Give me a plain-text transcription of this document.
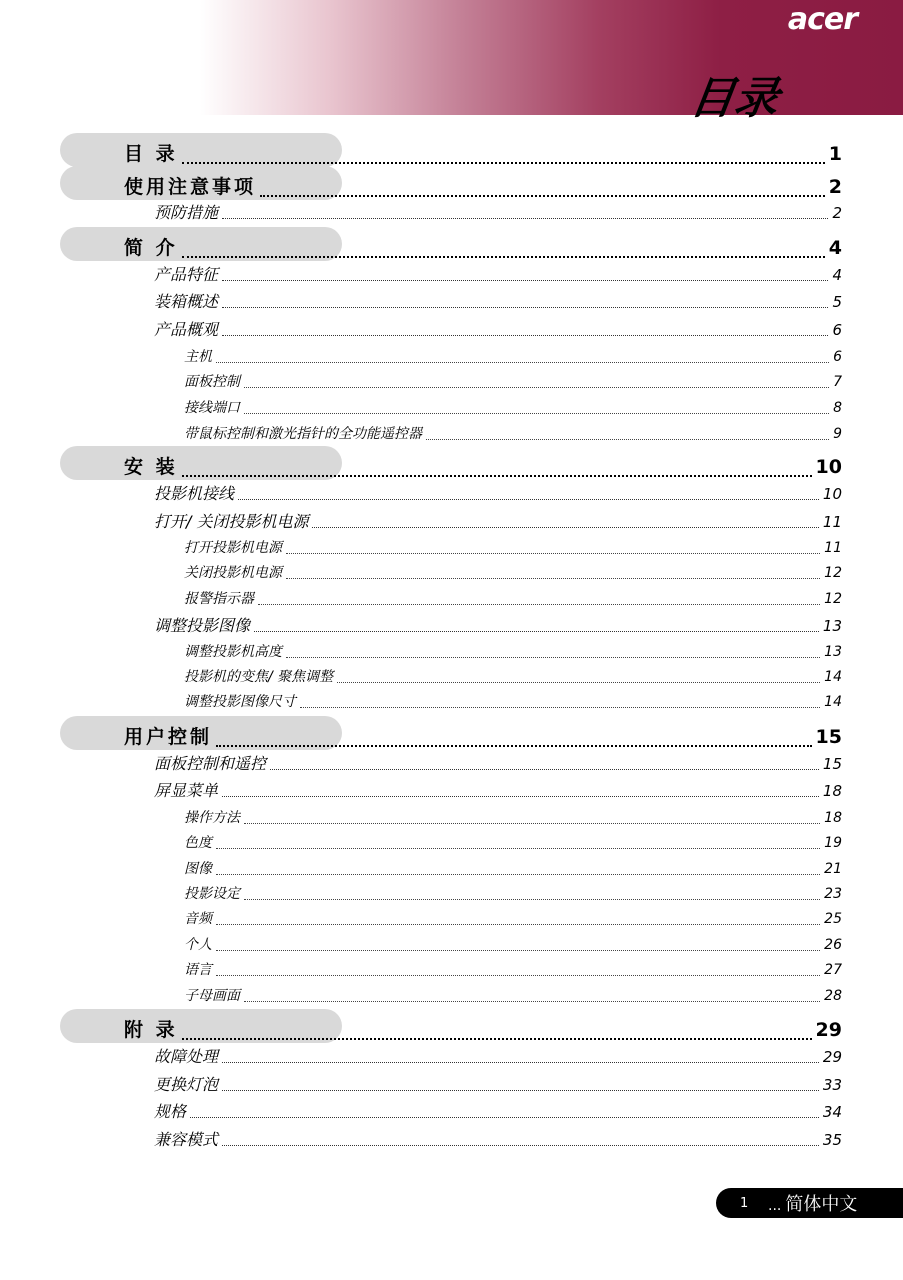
acer
目录
目 录	1
使用注意事项	2
预防措施	2
简 介	4
产品特征	4
装箱概述	5
产品概观	6
主机	6
面板控制	7
接线端口	8
带鼠标控制和激光指针的全功能遥控器	9
安 装	10
投影机接线	10
打开/ 关闭投影机电源	11
打开投影机电源	11
关闭投影机电源	12
报警指示器	12
调整投影图像	13
调整投影机高度	13
投影机的变焦/ 聚焦调整	14
调整投影图像尺寸	14
用户控制	15
面板控制和遥控	15
屏显菜单	18
操作方法	18
色度	19
图像	21
投影设定	23
音频	25
个人	26
语言	27
子母画面	28
附 录	29
故障处理	29
更换灯泡	33
规格	34
兼容模式	35
1	... 简体中文
